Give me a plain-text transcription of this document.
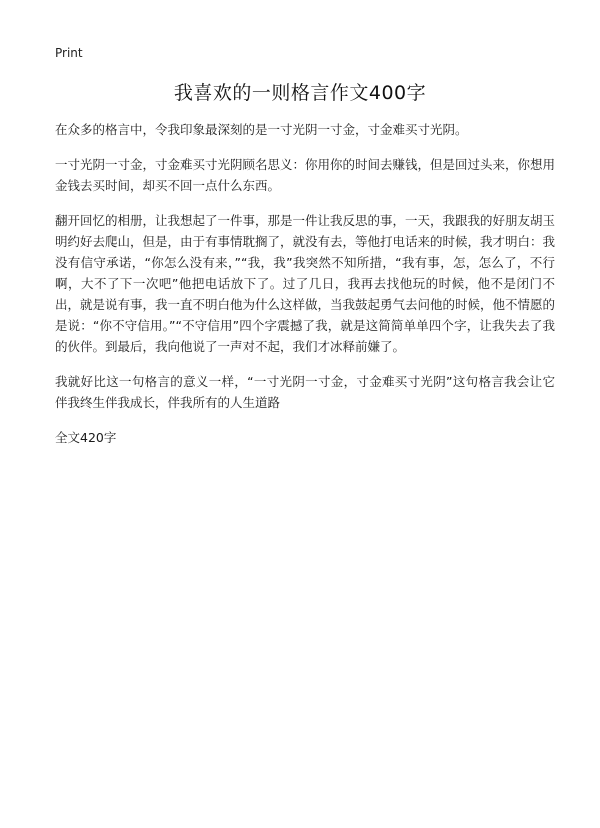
Print
我喜欢的一则格言作文400字

在众多的格言中，令我印象最深刻的是一寸光阴一寸金，寸金难买寸光阴。

一寸光阴一寸金，寸金难买寸光阴顾名思义：你用你的时间去赚钱，但是回过头来，你想用金钱去买时间，却买不回一点什么东西。

翻开回忆的相册，让我想起了一件事，那是一件让我反思的事，一天，我跟我的好朋友胡玉明约好去爬山，但是，由于有事情耽搁了，就没有去，等他打电话来的时候，我才明白：我没有信守承诺，“你怎么没有来，”“我，我”我突然不知所措，“我有事，怎，怎么了，不行啊，大不了下一次吧”他把电话放下了。过了几日，我再去找他玩的时候，他不是闭门不出，就是说有事，我一直不明白他为什么这样做，当我鼓起勇气去问他的时候，他不情愿的是说：“你不守信用。”“不守信用”四个字震撼了我，就是这简简单单四个字，让我失去了我的伙伴。到最后，我向他说了一声对不起，我们才冰释前嫌了。

我就好比这一句格言的意义一样，“一寸光阴一寸金，寸金难买寸光阴”这句格言我会让它伴我终生伴我成长，伴我所有的人生道路

全文420字
